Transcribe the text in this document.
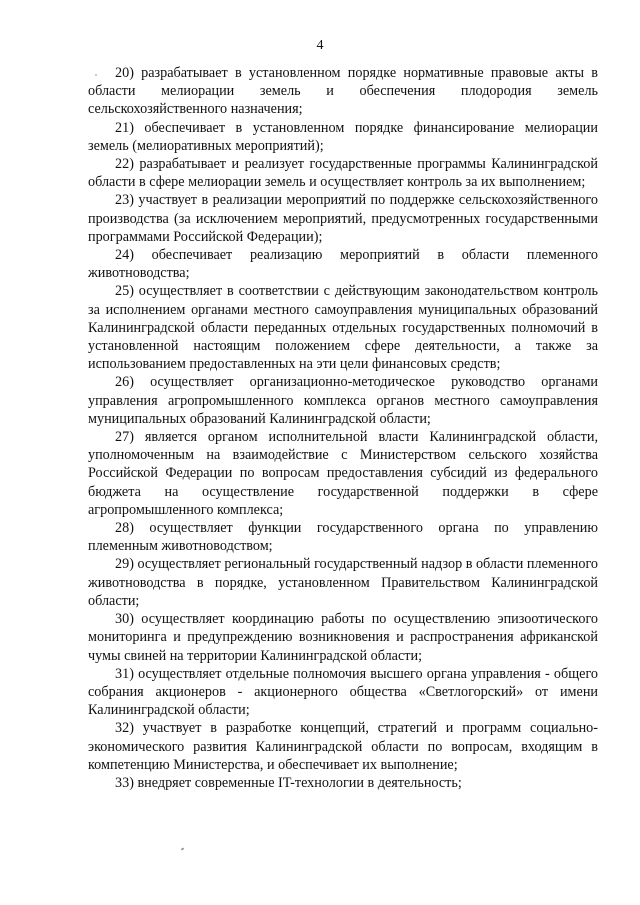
4

20) разрабатывает в установленном порядке нормативные правовые акты в области мелиорации земель и обеспечения плодородия земель сельскохозяйственного назначения;

21) обеспечивает в установленном порядке финансирование мелиорации земель (мелиоративных мероприятий);

22) разрабатывает и реализует государственные программы Калининградской области в сфере мелиорации земель и осуществляет контроль за их выполнением;

23) участвует в реализации мероприятий по поддержке сельскохозяйственного производства (за исключением мероприятий, предусмотренных государственными программами Российской Федерации);

24) обеспечивает реализацию мероприятий в области племенного животноводства;

25) осуществляет в соответствии с действующим законодательством контроль за исполнением органами местного самоуправления муниципальных образований Калининградской области переданных отдельных государственных полномочий в установленной настоящим положением сфере деятельности, а также за использованием предоставленных на эти цели финансовых средств;

26) осуществляет организационно-методическое руководство органами управления агропромышленного комплекса органов местного самоуправления муниципальных образований Калининградской области;

27) является органом исполнительной власти Калининградской области, уполномоченным на взаимодействие с Министерством сельского хозяйства Российской Федерации по вопросам предоставления субсидий из федерального бюджета на осуществление государственной поддержки в сфере агропромышленного комплекса;

28) осуществляет функции государственного органа по управлению племенным животноводством;

29) осуществляет региональный государственный надзор в области племенного животноводства в порядке, установленном Правительством Калининградской области;

30) осуществляет координацию работы по осуществлению эпизоотического мониторинга и предупреждению возникновения и распространения африканской чумы свиней на территории Калининградской области;

31) осуществляет отдельные полномочия высшего органа управления - общего собрания акционеров - акционерного общества «Светлогорский» от имени Калининградской области;

32) участвует в разработке концепций, стратегий и программ социально-экономического развития Калининградской области по вопросам, входящим в компетенцию Министерства, и обеспечивает их выполнение;

33) внедряет современные IT-технологии в деятельность;
